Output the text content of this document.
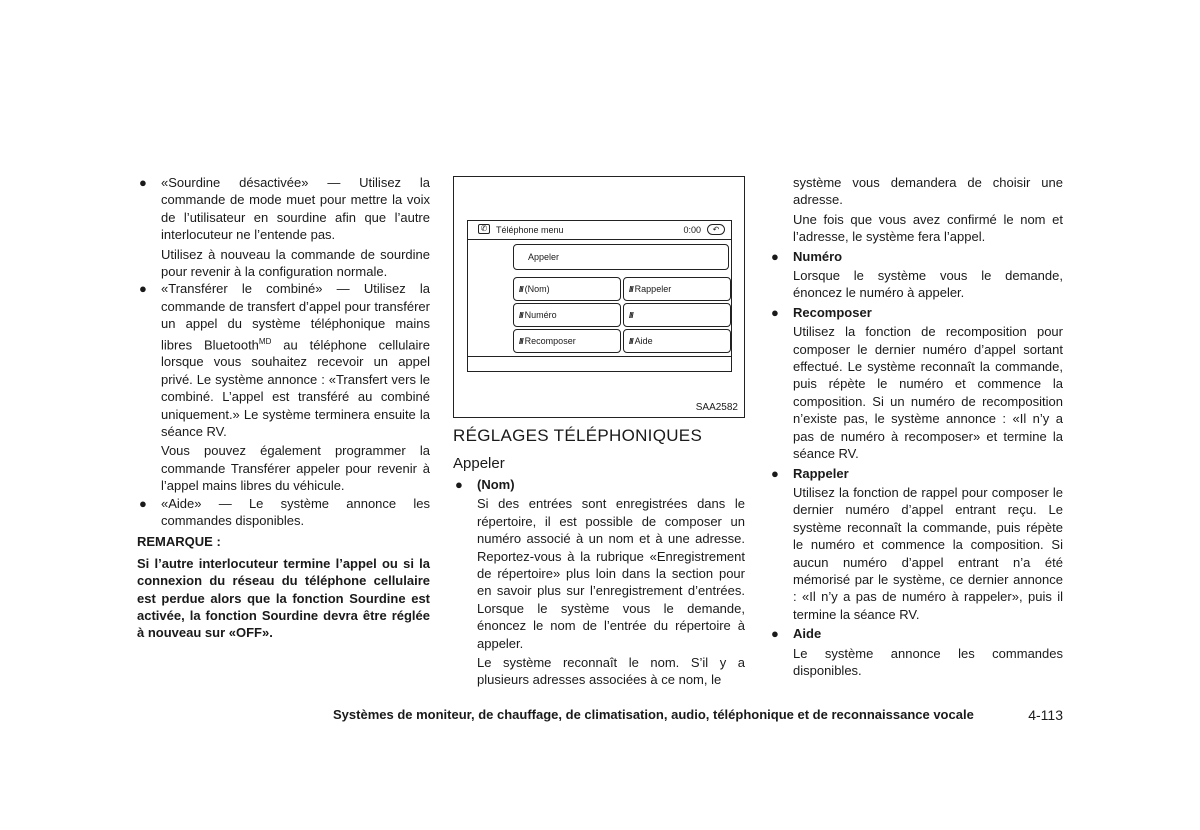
● «Sourdine désactivée» — Utilisez la commande de mode muet pour mettre la voix de l’utilisateur en sourdine afin que l’autre interlocuteur ne l’entende pas.

Utilisez à nouveau la commande de sourdine pour revenir à la configuration normale.

● «Transférer le combiné» — Utilisez la commande de transfert d’appel pour transférer un appel du système téléphonique mains libres Bluetooth$^{MD}$ au téléphone cellulaire lorsque vous souhaitez recevoir un appel privé. Le système annonce : «Transfert vers le combiné. L’appel est transféré au combiné uniquement.» Le système terminera ensuite la séance RV.

Vous pouvez également programmer la commande Transférer appeler pour revenir à l’appel mains libres du véhicule.

● «Aide» — Le système annonce les commandes disponibles.

REMARQUE :

Si l’autre interlocuteur termine l’appel ou si la connexion du réseau du téléphone cellulaire est perdue alors que la fonction Sourdine est activée, la fonction Sourdine devra être réglée à nouveau sur «OFF».

✆ Téléphone menu	0:00	↶
Appeler
/// (Nom)	/// Rappeler
/// Numéro	///
/// Recomposer	/// Aide
SAA2582
RÉGLAGES TÉLÉPHONIQUES
Appeler
● (Nom)

Si des entrées sont enregistrées dans le répertoire, il est possible de composer un numéro associé à un nom et à une adresse. Reportez-vous à la rubrique «Enregistrement de répertoire» plus loin dans la section pour en savoir plus sur l’enregistrement d’entrées. Lorsque le système vous le demande, énoncez le nom de l’entrée du répertoire à appeler.

Le système reconnaît le nom. S’il y a plusieurs adresses associées à ce nom, le

système vous demandera de choisir une adresse.

Une fois que vous avez confirmé le nom et l’adresse, le système fera l’appel.

● Numéro

Lorsque le système vous le demande, énoncez le numéro à appeler.

● Recomposer

Utilisez la fonction de recomposition pour composer le dernier numéro d’appel sortant effectué. Le système reconnaît la commande, puis répète le numéro et commence la composition. Si un numéro de recomposition n’existe pas, le système annonce : «Il n’y a pas de numéro à recomposer» et termine la séance RV.

● Rappeler

Utilisez la fonction de rappel pour composer le dernier numéro d’appel entrant reçu. Le système reconnaît la commande, puis répète le numéro et commence la composition. Si aucun numéro d’appel entrant n’a été mémorisé par le système, ce dernier annonce : «Il n’y a pas de numéro à rappeler», puis il termine la séance RV.

● Aide

Le système annonce les commandes disponibles.

Systèmes de moniteur, de chauffage, de climatisation, audio, téléphonique et de reconnaissance vocale	4-113
